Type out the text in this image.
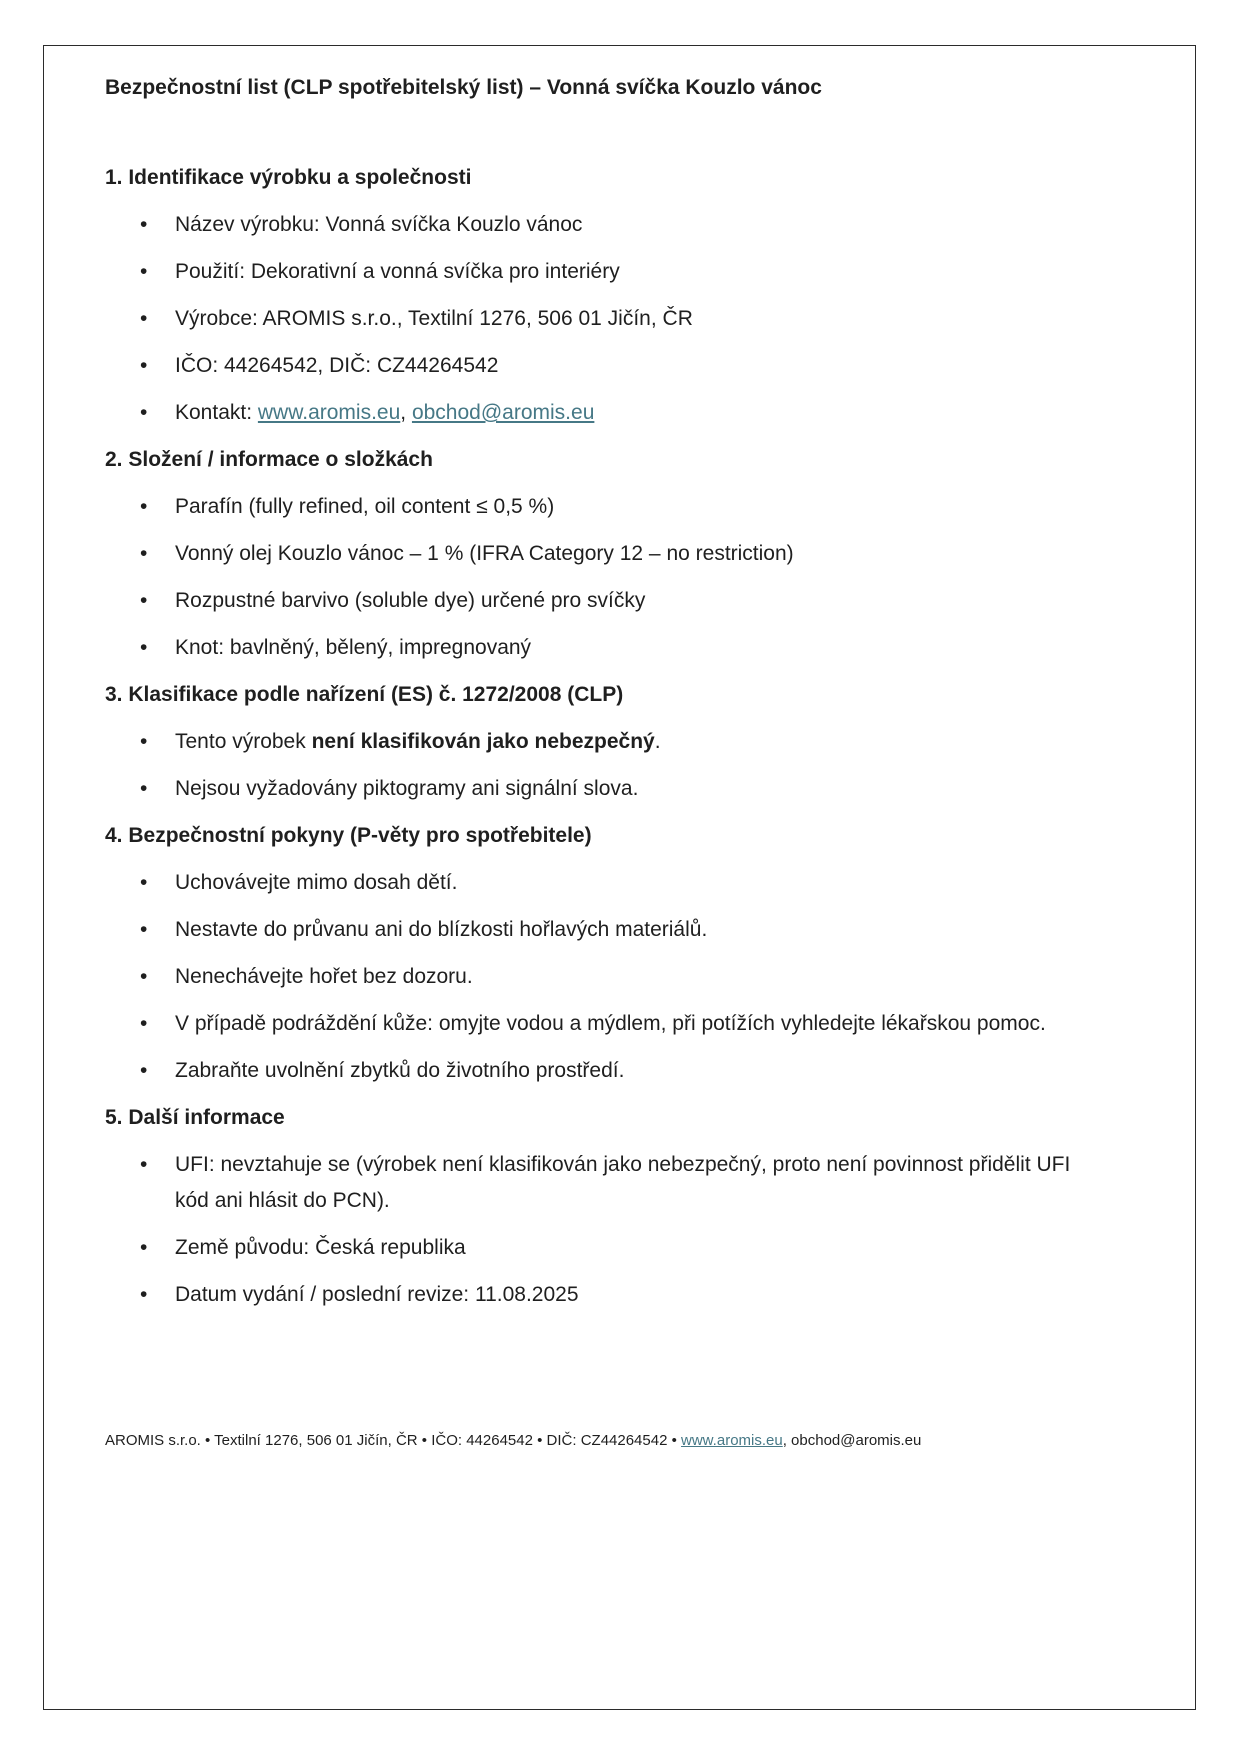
Bezpečnostní list (CLP spotřebitelský list) – Vonná svíčka Kouzlo vánoc
1. Identifikace výrobku a společnosti
• Název výrobku: Vonná svíčka Kouzlo vánoc
• Použití: Dekorativní a vonná svíčka pro interiéry
• Výrobce: AROMIS s.r.o., Textilní 1276, 506 01 Jičín, ČR
• IČO: 44264542, DIČ: CZ44264542
• Kontakt: www.aromis.eu, obchod@aromis.eu
2. Složení / informace o složkách
• Parafín (fully refined, oil content ≤ 0,5 %)
• Vonný olej Kouzlo vánoc – 1 % (IFRA Category 12 – no restriction)
• Rozpustné barvivo (soluble dye) určené pro svíčky
• Knot: bavlněný, bělený, impregnovaný
3. Klasifikace podle nařízení (ES) č. 1272/2008 (CLP)
• Tento výrobek není klasifikován jako nebezpečný.
• Nejsou vyžadovány piktogramy ani signální slova.
4. Bezpečnostní pokyny (P-věty pro spotřebitele)
• Uchovávejte mimo dosah dětí.
• Nestavte do průvanu ani do blízkosti hořlavých materiálů.
• Nenechávejte hořet bez dozoru.
• V případě podráždění kůže: omyjte vodou a mýdlem, při potížích vyhledejte lékařskou pomoc.
• Zabraňte uvolnění zbytků do životního prostředí.
5. Další informace
• UFI: nevztahuje se (výrobek není klasifikován jako nebezpečný, proto není povinnost přidělit UFI kód ani hlásit do PCN).
• Země původu: Česká republika
• Datum vydání / poslední revize: 11.08.2025
AROMIS s.r.o. • Textilní 1276, 506 01 Jičín, ČR • IČO: 44264542 • DIČ: CZ44264542 • www.aromis.eu, obchod@aromis.eu
